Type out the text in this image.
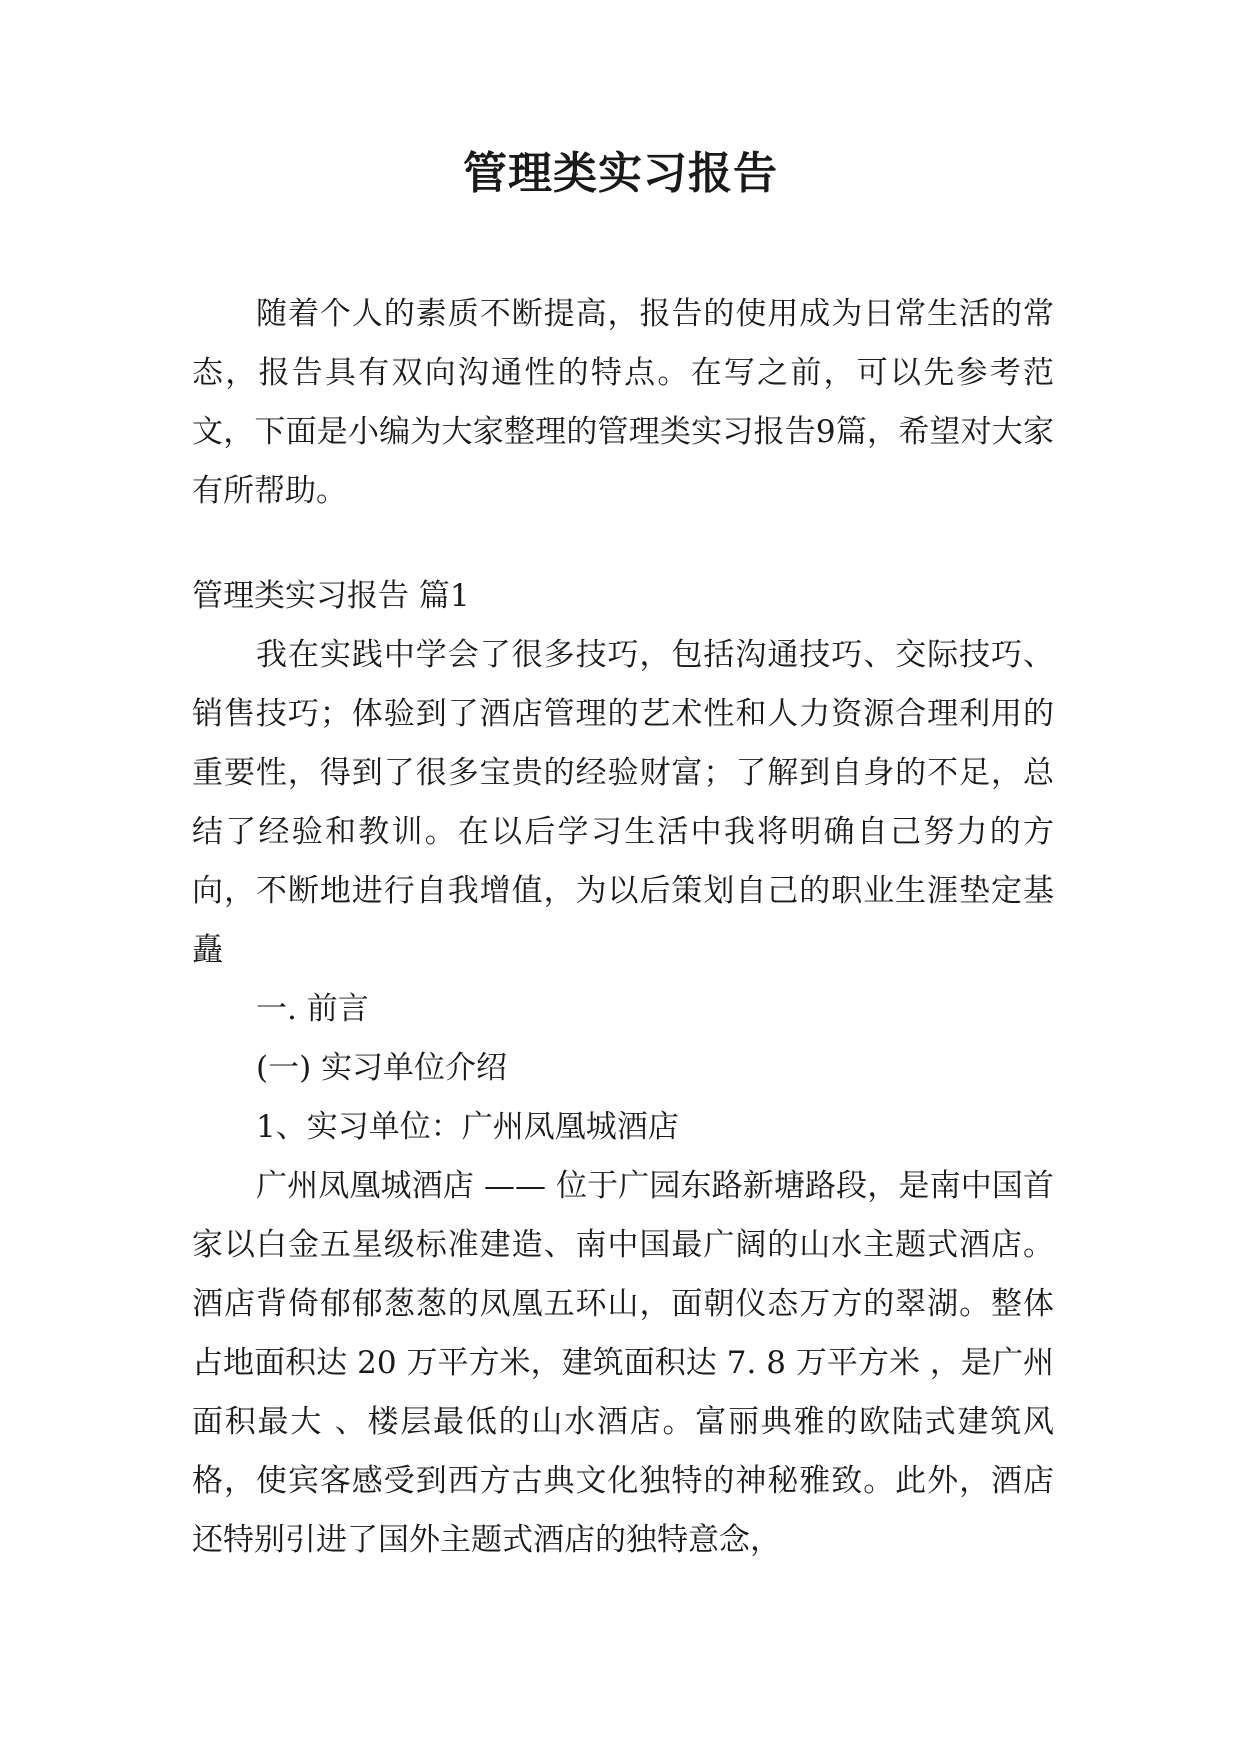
管理类实习报告

随着个人的素质不断提高，报告的使用成为日常生活的常态，报告具有双向沟通性的特点。在写之前，可以先参考范文，下面是小编为大家整理的管理类实习报告9篇，希望对大家有所帮助。

管理类实习报告 篇1

我在实践中学会了很多技巧，包括沟通技巧、交际技巧、销售技巧；体验到了酒店管理的艺术性和人力资源合理利用的重要性，得到了很多宝贵的经验财富；了解到自身的不足，总结了经验和教训。在以后学习生活中我将明确自己努力的方向，不断地进行自我增值，为以后策划自己的职业生涯垫定基矗

一. 前言

(一) 实习单位介绍

1、实习单位：广州凤凰城酒店

广州凤凰城酒店 —— 位于广园东路新塘路段，是南中国首家以白金五星级标准建造、南中国最广阔的山水主题式酒店。酒店背倚郁郁葱葱的凤凰五环山，面朝仪态万方的翠湖。整体占地面积达 20 万平方米，建筑面积达 7. 8 万平方米 ，是广州面积最大 、楼层最低的山水酒店。富丽典雅的欧陆式建筑风格，使宾客感受到西方古典文化独特的神秘雅致。此外，酒店还特别引进了国外主题式酒店的独特意念，
